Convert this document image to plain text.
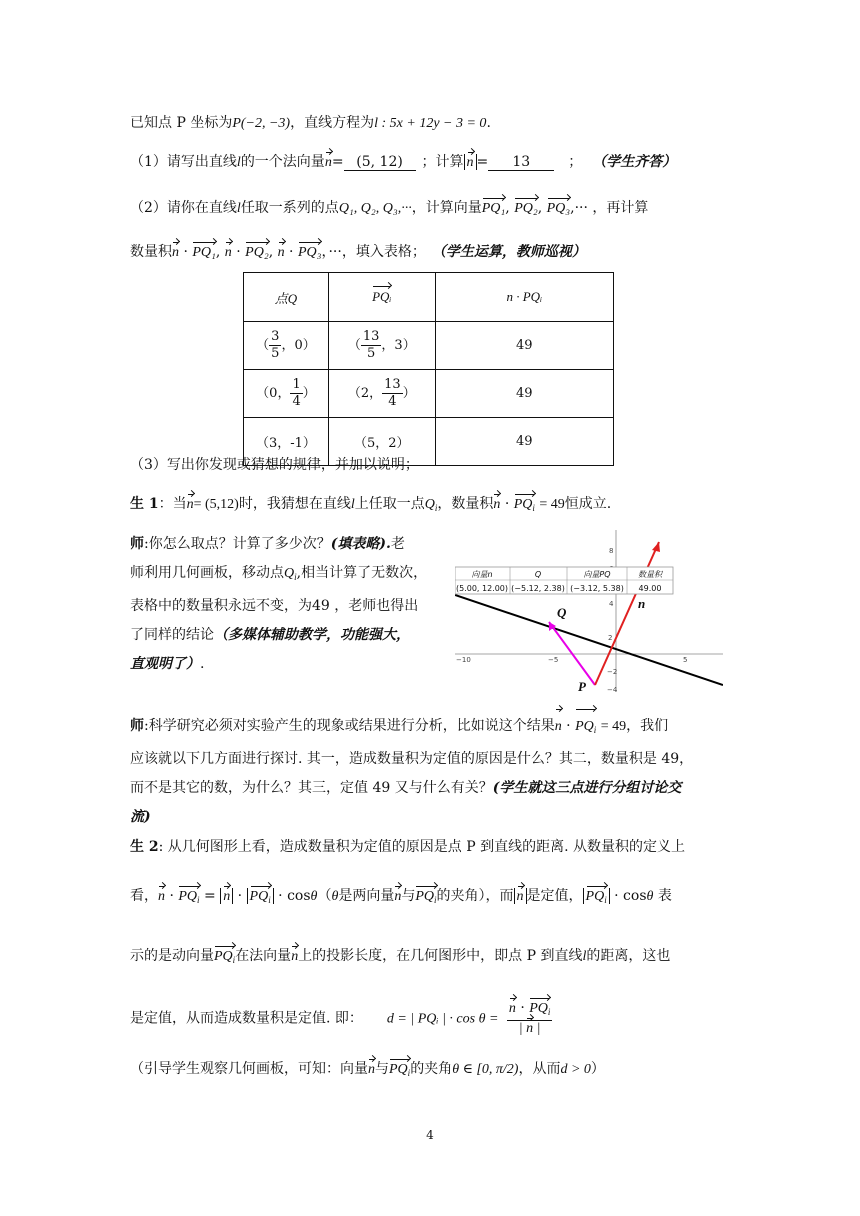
已知点 P 坐标为P(−2, −3)，直线方程为l : 5x + 12y − 3 = 0.
（1）请写出直线l的一个法向量n= (5, 12) ；计算 n = 13	； （学生齐答）
（2）请你在直线l任取一系列的点Q₁, Q₂, Q₃,···，计算向量PQ₁, PQ₂, PQ₃,··· ，再计算
数量积n · PQ₁, n · PQ₂, n · PQ₃，···，填入表格； （学生运算，教师巡视）
点Q	PQᵢ	n · PQᵢ
（ $\frac{3}{5}$ ，0）	（ $\frac{13}{5}$ ，3）	49
（0， $\frac{1}{4}$ ）	（2， $\frac{13}{4}$ ）	49
（3，-1）	（5，2）	49
（3）写出你发现或猜想的规律，并加以说明；
生 1：当n= (5,12)时，我猜想在直线l上任取一点$Q_i$，数量积$n \cdot PQ_i = 49$恒成立.
师:你怎么取点？计算了多少次？(填表略).老
师利用几何画板，移动点$Q_i$,相当计算了无数次，
表格中的数量积永远不变，为49 ，老师也得出
了同样的结论（多媒体辅助教学，功能强大，
直观明了）.	−10	−5	5
8
4
2
−2
−4
向量n	Q	向量PQ	数量积
(5.00, 12.00) (−5.12, 2.38) (−3.12, 5.38) 49.00
Q
n
P
师:科学研究必须对实验产生的现象或结果进行分析，比如说这个结果$n \cdot PQ_i = 49$，我们
应该就以下几方面进行探讨. 其一，造成数量积为定值的原因是什么？其二，数量积是 49，
而不是其它的数，为什么？其三，定值 49 又与什么有关？(学生就这三点进行分组讨论交
流)
生 2: 从几何图形上看，造成数量积为定值的原因是点 P 到直线的距离. 从数量积的定义上
看，$n \cdot PQ_i = n \cdot PQ_i \cdot \cos\theta(\theta$是两向量n与$PQ_i$的夹角），而 n 是定值， $PQ_i \cdot \cos\theta$ 表
示的是动向量$PQ_i$在法向量n上的投影长度，在几何图形中，即点 P 到直线l的距离，这也
是定值，从而造成数量积是定值. 即： d = | PQᵢ | · $\cos \theta = \frac{n \cdot PQ_i}{| n |}$
（引导学生观察几何画板，可知：向量n与$PQ_i$的夹角θ ∈ [0, π/2)，从而d > 0）
4
